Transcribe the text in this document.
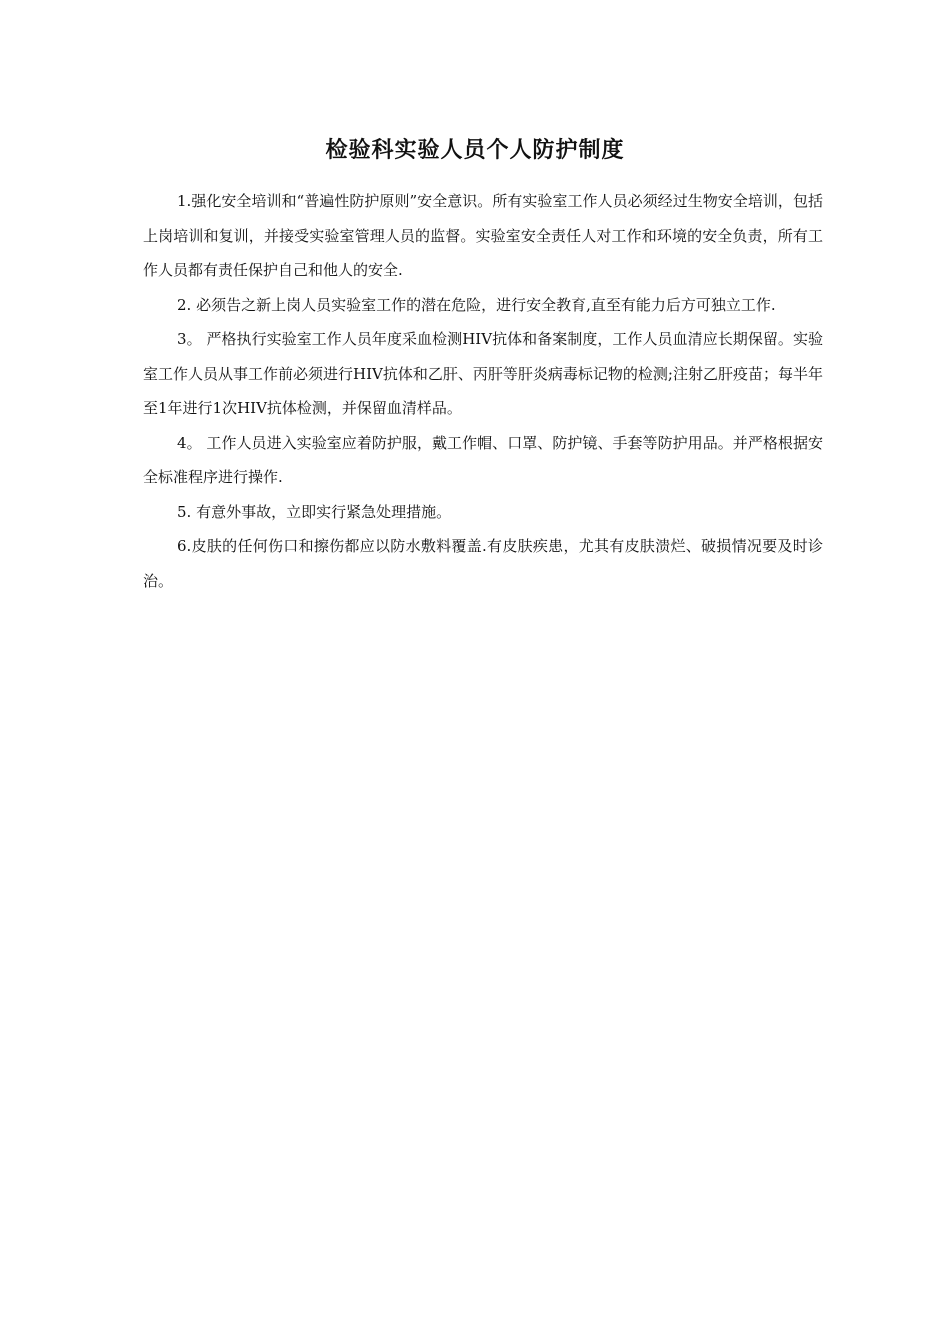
检验科实验人员个人防护制度

1.强化安全培训和“普遍性防护原则”安全意识。所有实验室工作人员必须经过生物安全培训，包括上岗培训和复训，并接受实验室管理人员的监督。实验室安全责任人对工作和环境的安全负责，所有工作人员都有责任保护自己和他人的安全.

2. 必须告之新上岗人员实验室工作的潜在危险，进行安全教育,直至有能力后方可独立工作.

3。 严格执行实验室工作人员年度采血检测HIV抗体和备案制度，工作人员血清应长期保留。实验室工作人员从事工作前必须进行HIV抗体和乙肝、丙肝等肝炎病毒标记物的检测;注射乙肝疫苗；每半年至1年进行1次HIV抗体检测，并保留血清样品。

4。 工作人员进入实验室应着防护服，戴工作帽、口罩、防护镜、手套等防护用品。并严格根据安全标准程序进行操作.

5. 有意外事故，立即实行紧急处理措施。

6.皮肤的任何伤口和擦伤都应以防水敷料覆盖.有皮肤疾患，尤其有皮肤溃烂、破损情况要及时诊治。
